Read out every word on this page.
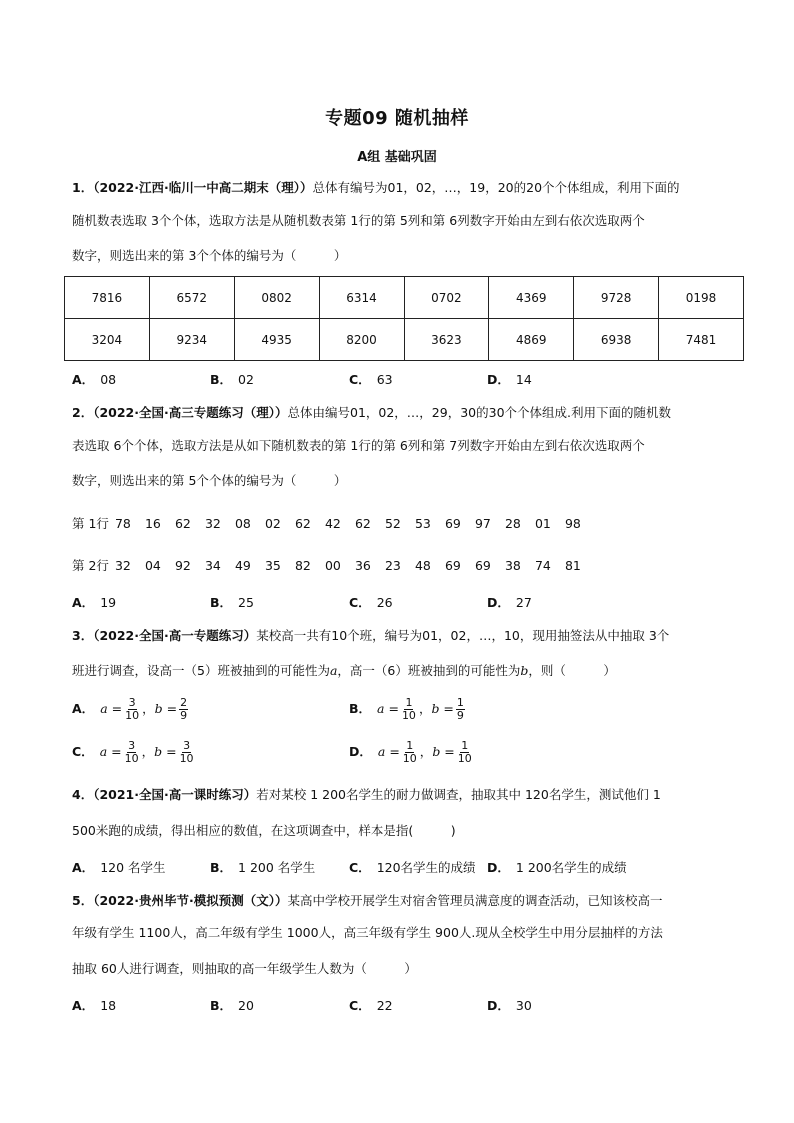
专题09 随机抽样
A组 基础巩固
1．（2022·江西·临川一中高二期末（理））总体有编号为01，02，…，19，20的20个个体组成，利用下面的
随机数表选取 3个个体，选取方法是从随机数表第 1行的第 5列和第 6列数字开始由左到右依次选取两个
数字，则选出来的第 3个个体的编号为（　　　）
7816	6572	0802	6314	0702	4369	9728	0198
3204	9234	4935	8200	3623	4869	6938	7481
A． 08	B． 02	C． 63	D． 14
2．（2022·全国·高三专题练习（理））总体由编号01，02，…，29，30的30个个体组成.利用下面的随机数
表选取 6个个体，选取方法是从如下随机数表的第 1行的第 6列和第 7列数字开始由左到右依次选取两个
数字，则选出来的第 5个个体的编号为（　　　）
第 1行 78 16 62 32 08 02 62 42 62 52 53 69 97 28 01 98
第 2行 32 04 92 34 49 35 82 00 36 23 48 69 69 38 74 81
A． 19	B． 25	C． 26	D． 27
3．（2022·全国·高一专题练习）某校高一共有10个班，编号为01，02，…，10，现用抽签法从中抽取 3个
班进行调查，设高一（5）班被抽到的可能性为a，高一（6）班被抽到的可能性为b，则（　　　）
A． $a = \frac{3}{10}$ ，$b = \frac{2}{9}$	B． $a = \frac{1}{10}$ ，$b = \frac{1}{9}$
C． $a = \frac{3}{10}$ ，$b = \frac{3}{10}$	D． $a = \frac{1}{10}$ ，$b = \frac{1}{10}$
4．（2021·全国·高一课时练习）若对某校 1 200名学生的耐力做调查，抽取其中 120名学生，测试他们 1
500米跑的成绩，得出相应的数值，在这项调查中，样本是指(　　　)
A． 120 名学生	B． 1 200 名学生	C． 120名学生的成绩 D． 1 200名学生的成绩
5．（2022·贵州毕节·模拟预测（文））某高中学校开展学生对宿舍管理员满意度的调查活动，已知该校高一
年级有学生 1100人，高二年级有学生 1000人，高三年级有学生 900人.现从全校学生中用分层抽样的方法
抽取 60人进行调查，则抽取的高一年级学生人数为（　　　）
A． 18	B． 20	C． 22	D． 30
